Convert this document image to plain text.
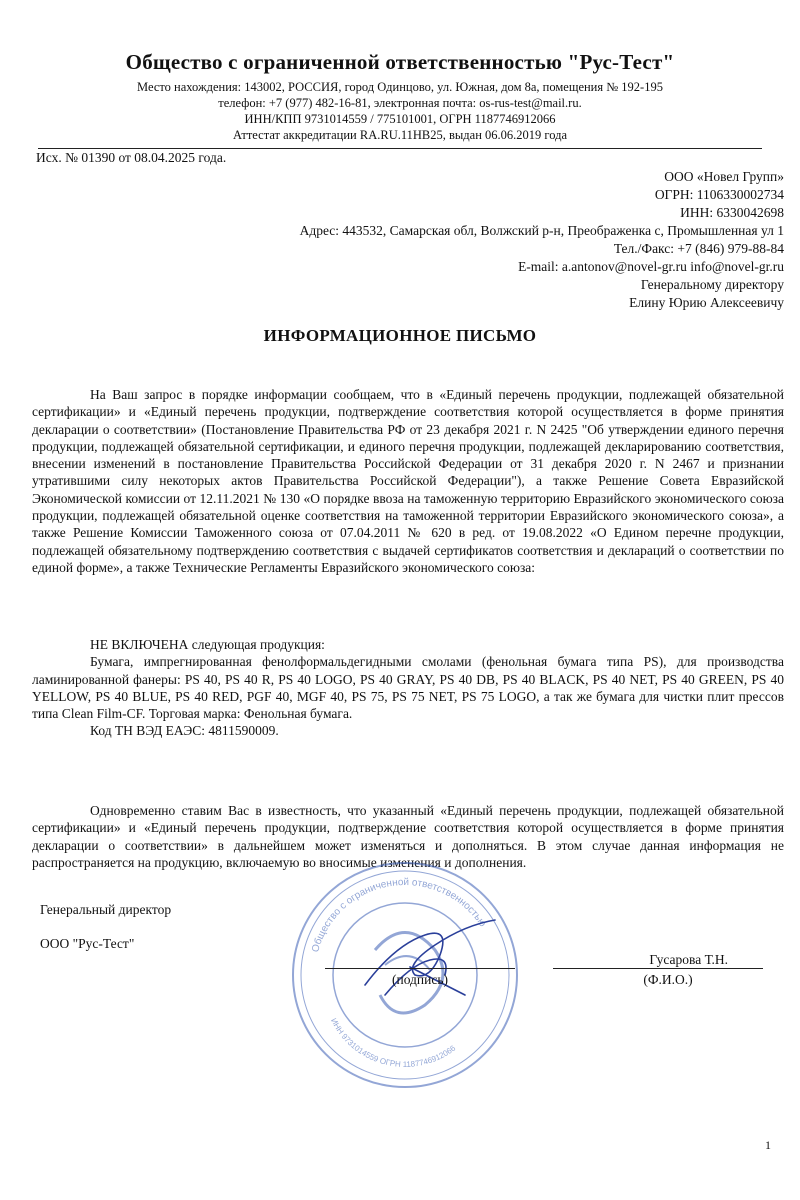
Общество с ограниченной ответственностью "Рус-Тест"
Место нахождения: 143002, РОССИЯ, город Одинцово, ул. Южная, дом 8а, помещения № 192-195
телефон: +7 (977) 482-16-81, электронная почта: os-rus-test@mail.ru.
ИНН/КПП 9731014559 / 775101001, ОГРН 1187746912066
Аттестат аккредитации RA.RU.11HB25, выдан 06.06.2019 года
Исх. № 01390 от 08.04.2025 года.
ООО «Новел Групп»
ОГРН: 1106330002734
ИНН: 6330042698
Адрес: 443532, Самарская обл, Волжский р-н, Преображенка с, Промышленная ул 1
Тел./Факс: +7 (846) 979-88-84
E-mail: a.antonov@novel-gr.ru info@novel-gr.ru
Генеральному директору
Елину Юрию Алексеевичу
ИНФОРМАЦИОННОЕ ПИСЬМО

На Ваш запрос в порядке информации сообщаем, что в «Единый перечень продукции, подлежащей обязательной сертификации» и «Единый перечень продукции, подтверждение соответствия которой осуществляется в форме принятия декларации о соответствии» (Постановление Правительства РФ от 23 декабря 2021 г. N 2425 "Об утверждении единого перечня продукции, подлежащей обязательной сертификации, и единого перечня продукции, подлежащей декларированию соответствия, внесении изменений в постановление Правительства Российской Федерации от 31 декабря 2020 г. N 2467 и признании утратившими силу некоторых актов Правительства Российской Федерации"), а также Решение Совета Евразийской Экономической комиссии от 12.11.2021 № 130 «О порядке ввоза на таможенную территорию Евразийского экономического союза продукции, подлежащей обязательной оценке соответствия на таможенной территории Евразийского экономического союза», а также Решение Комиссии Таможенного союза от 07.04.2011 № 620 в ред. от 19.08.2022 «О Едином перечне продукции, подлежащей обязательному подтверждению соответствия с выдачей сертификатов соответствия и деклараций о соответствии по единой форме», а также Технические Регламенты Евразийского экономического союза:

НЕ ВКЛЮЧЕНА следующая продукция:

Бумага, импрегнированная фенолформальдегидными смолами (фенольная бумага типа PS), для производства ламинированной фанеры: PS 40, PS 40 R, PS 40 LOGO, PS 40 GRAY, PS 40 DB, PS 40 BLACK, PS 40 NET, PS 40 GREEN, PS 40 YELLOW, PS 40 BLUE, PS 40 RED, PGF 40, MGF 40, PS 75, PS 75 NET, PS 75 LOGO, а так же бумага для чистки плит прессов типа Clean Film-CF. Торговая марка: Фенольная бумага.

Код ТН ВЭД ЕАЭС: 4811590009.

Одновременно ставим Вас в известность, что указанный «Единый перечень продукции, подлежащей обязательной сертификации» и «Единый перечень продукции, подтверждение соответствия которой осуществляется в форме принятия декларации о соответствии» в дальнейшем может изменяться и дополняться. В этом случае данная информация не распространяется на продукцию, включаемую во вносимые изменения и дополнения.

Общество с ограниченной ответственностью
ИНН 9731014559 ОГРН 1187746912066
Генеральный директор
ООО "Рус-Тест"
(подпись)
Гусарова Т.Н.
(Ф.И.О.)
1
